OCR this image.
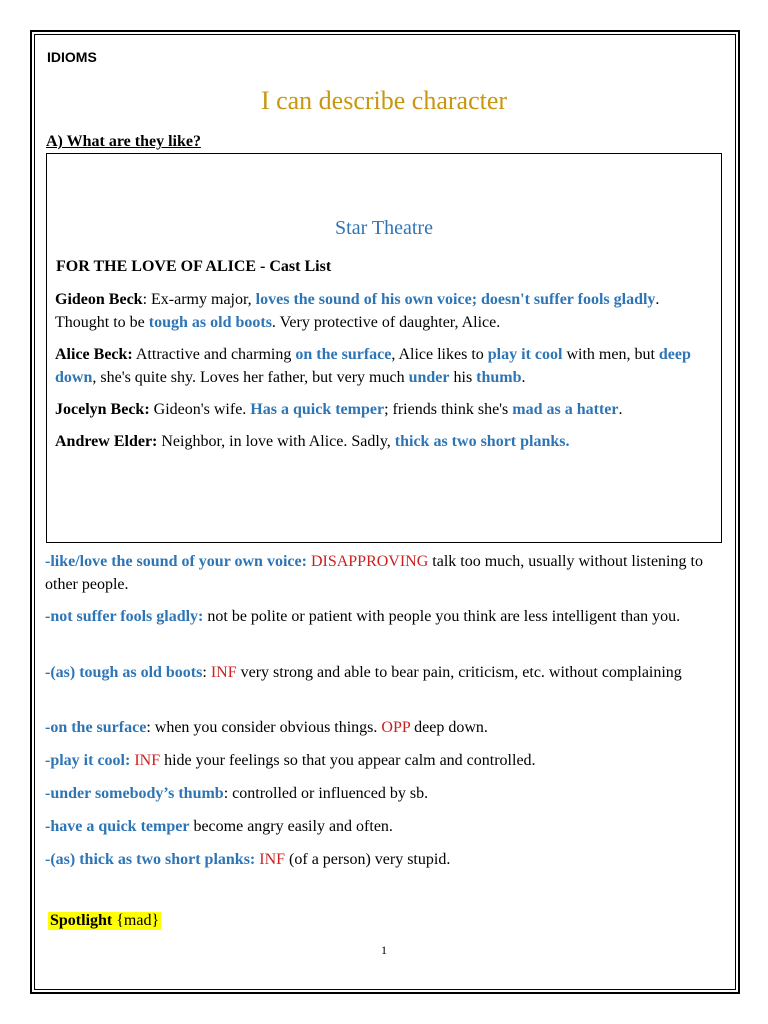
IDIOMS
I can describe character
A) What are they like?
Star Theatre
FOR THE LOVE OF ALICE - Cast List
Gideon Beck: Ex-army major, loves the sound of his own voice; doesn't suffer fools gladly. Thought to be tough as old boots. Very protective of daughter, Alice.
Alice Beck: Attractive and charming on the surface, Alice likes to play it cool with men, but deep down, she's quite shy. Loves her father, but very much under his thumb.
Jocelyn Beck: Gideon's wife. Has a quick temper; friends think she's mad as a hatter.
Andrew Elder: Neighbor, in love with Alice. Sadly, thick as two short planks.
-like/love the sound of your own voice: DISAPPROVING talk too much, usually without listening to other people.
-not suffer fools gladly: not be polite or patient with people you think are less intelligent than you.
-(as) tough as old boots: INF very strong and able to bear pain, criticism, etc. without complaining
-on the surface: when you consider obvious things. OPP deep down.
-play it cool: INF hide your feelings so that you appear calm and controlled.
-under somebody’s thumb: controlled or influenced by sb.
-have a quick temper become angry easily and often.
-(as) thick as two short planks: INF (of a person) very stupid.
Spotlight {mad}
1
